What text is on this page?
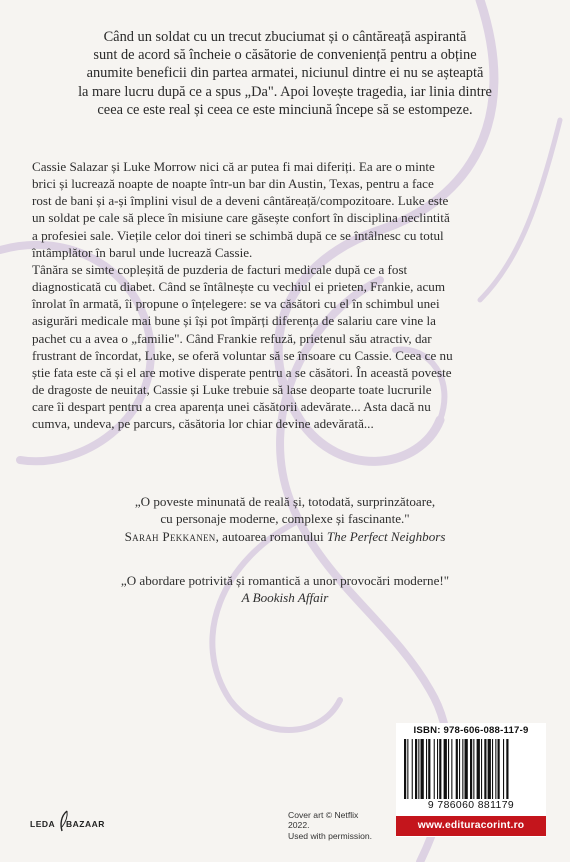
Când un soldat cu un trecut zbuciumat și o cântăreață aspirantă

sunt de acord să încheie o căsătorie de conveniență pentru a obține

anumite beneficii din partea armatei, niciunul dintre ei nu se așteaptă

la mare lucru după ce a spus „Da". Apoi lovește tragedia, iar linia dintre

ceea ce este real și ceea ce este minciună începe să se estompeze.

Cassie Salazar și Luke Morrow nici că ar putea fi mai diferiți. Ea are o minte

brici și lucrează noapte de noapte într-un bar din Austin, Texas, pentru a face

rost de bani și a-și împlini visul de a deveni cântăreață/compozitoare. Luke este

un soldat pe cale să plece în misiune care găsește confort în disciplina neclintită

a profesiei sale. Viețile celor doi tineri se schimbă după ce se întâlnesc cu totul

întâmplător în barul unde lucrează Cassie.

Tânăra se simte copleșită de puzderia de facturi medicale după ce a fost

diagnosticată cu diabet. Când se întâlnește cu vechiul ei prieten, Frankie, acum

înrolat în armată, îi propune o înțelegere: se va căsători cu el în schimbul unei

asigurări medicale mai bune și își pot împărți diferența de salariu care vine la

pachet cu a avea o „familie". Când Frankie refuză, prietenul său atractiv, dar

frustrant de încordat, Luke, se oferă voluntar să se însoare cu Cassie. Ceea ce nu

știe fata este că și el are motive disperate pentru a se căsători. În această poveste

de dragoste de neuitat, Cassie și Luke trebuie să lase deoparte toate lucrurile

care îi despart pentru a crea aparența unei căsătorii adevărate... Asta dacă nu

cumva, undeva, pe parcurs, căsătoria lor chiar devine adevărată...

„O poveste minunată de reală și, totodată, surprinzătoare,

cu personaje moderne, complexe și fascinante."

Sarah Pekkanen, autoarea romanului The Perfect Neighbors

„O abordare potrivită și romantică a unor provocări moderne!"

A Bookish Affair

LEDA BAZAAR

Cover art © Netflix 2022.

Used with permission.

ISBN: 978-606-088-117-9
9 786060 881179
www.edituracorint.ro
